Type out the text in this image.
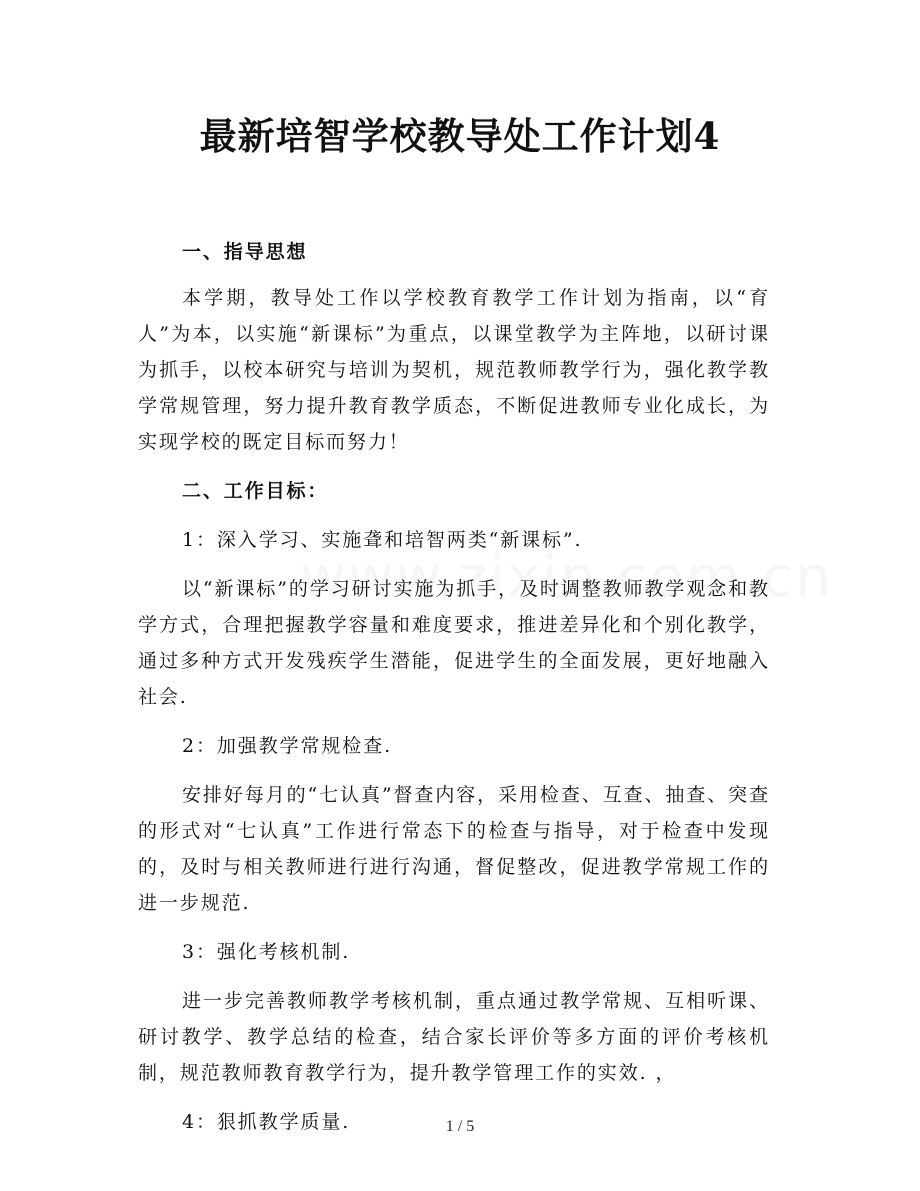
最新培智学校教导处工作计划4

一、指导思想

本学期，教导处工作以学校教育教学工作计划为指南，以“育人”为本，以实施“新课标”为重点，以课堂教学为主阵地，以研讨课为抓手，以校本研究与培训为契机，规范教师教学行为，强化教学教学常规管理，努力提升教育教学质态，不断促进教师专业化成长，为实现学校的既定目标而努力！

二、工作目标：

1：深入学习、实施聋和培智两类“新课标”.

以“新课标”的学习研讨实施为抓手，及时调整教师教学观念和教学方式，合理把握教学容量和难度要求，推进差异化和个别化教学，通过多种方式开发残疾学生潜能，促进学生的全面发展，更好地融入社会.

2：加强教学常规检查.

安排好每月的“七认真”督查内容，采用检查、互查、抽查、突查的形式对“七认真”工作进行常态下的检查与指导，对于检查中发现的，及时与相关教师进行进行沟通，督促整改，促进教学常规工作的进一步规范.

3：强化考核机制.

进一步完善教师教学考核机制，重点通过教学常规、互相听课、研讨教学、教学总结的检查，结合家长评价等多方面的评价考核机制，规范教师教育教学行为，提升教学管理工作的实效. ，

4：狠抓教学质量.	1 / 5
